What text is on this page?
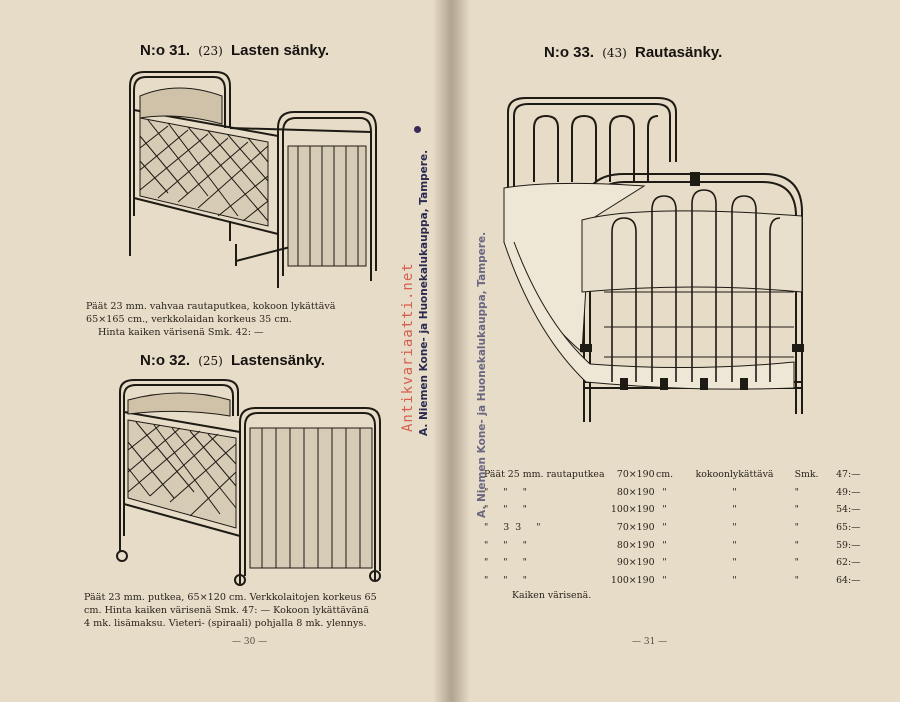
N:o 31. (23) Lasten sänky.
Päät 23 mm. vahvaa rautaputkea, kokoon lykättävä
65×165 cm., verkkolaidan korkeus 35 cm.
Hinta kaiken värisenä Smk. 42: —
N:o 32. (25) Lastensänky.
Päät 23 mm. putkea, 65×120 cm. Verkkolaitojen korkeus 65
cm. Hinta kaiken värisenä Smk. 47: — Kokoon lykättävänä
4 mk. lisämaksu. Vieteri- (spiraali) pohjalla 8 mk. ylennys.
— 30 —
A. Niemen Kone- ja Huonekalukauppa, Tampere.
Antikvariaatti.net
N:o 33. (43) Rautasänky.
A. Niemen Kone- ja Huonekalukauppa, Tampere.
Päät 25 mm. rautaputkea	70×190	cm.	kokoonlykättävä	Smk.	47:—
" " "	80×190	"	"	"	49:—
" " "	100×190	"	"	"	54:—
" 33 "	70×190	"	"	"	65:—
" " "	80×190	"	"	"	59:—
" " "	90×190	"	"	"	62:—
" " "	100×190	"	"	"	64:—
Kaiken värisenä.
— 31 —
